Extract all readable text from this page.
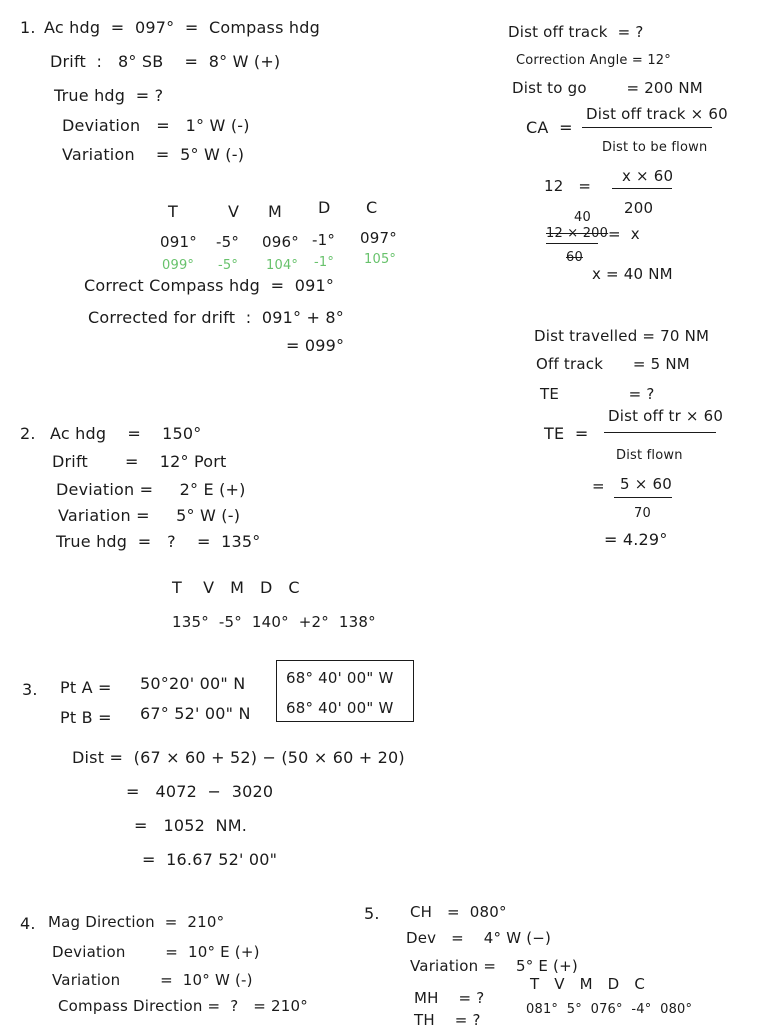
1. Ac hdg  =  097°  =  Compass hdg
Drift  :   8° SB    =  8° W (+)
True hdg  = ?
Deviation   =   1° W (-)
Variation    =  5° W (-)
T	V M D C
091° -5° 096° -1° 097°
099° -5° 104° -1° 105°
Correct Compass hdg  =  091°
Corrected for drift  :  091° + 8°
= 099°
Dist off track  = ?
Correction Angle = 12°
Dist to go        = 200 NM
CA  =
Dist off track × 60
Dist to be flown
12   =
x × 60
200
40
12 × 200
60
=  x
x = 40 NM
Dist travelled = 70 NM
Off track      = 5 NM
TE              = ?
TE  =
Dist off tr × 60
Dist flown
= 5 × 60
70
= 4.29°
2. Ac hdg    =    150°
Drift       =    12° Port
Deviation =     2° E (+)
Variation =     5° W (-)
True hdg  =   ?    =  135°
T    V   M   D   C
135°  -5°  140°  +2°  138°
3. Pt A = 50°20' 00" N
Pt B = 67° 52' 00" N
68° 40' 00" W
68° 40' 00" W
Dist =  (67 × 60 + 52) − (50 × 60 + 20)
=   4072  −  3020
=   1052  NM.
=  16.67 52' 00"
4. Mag Direction  =  210°
Deviation        =  10° E (+)
Variation        =  10° W (-)
Compass Direction =  ?   = 210°
5. CH   =  080°
Dev   =    4° W (−)
Variation =    5° E (+)
MH    = ?
TH    = ?
T   V   M   D   C
081°  5°  076°  -4°  080°
